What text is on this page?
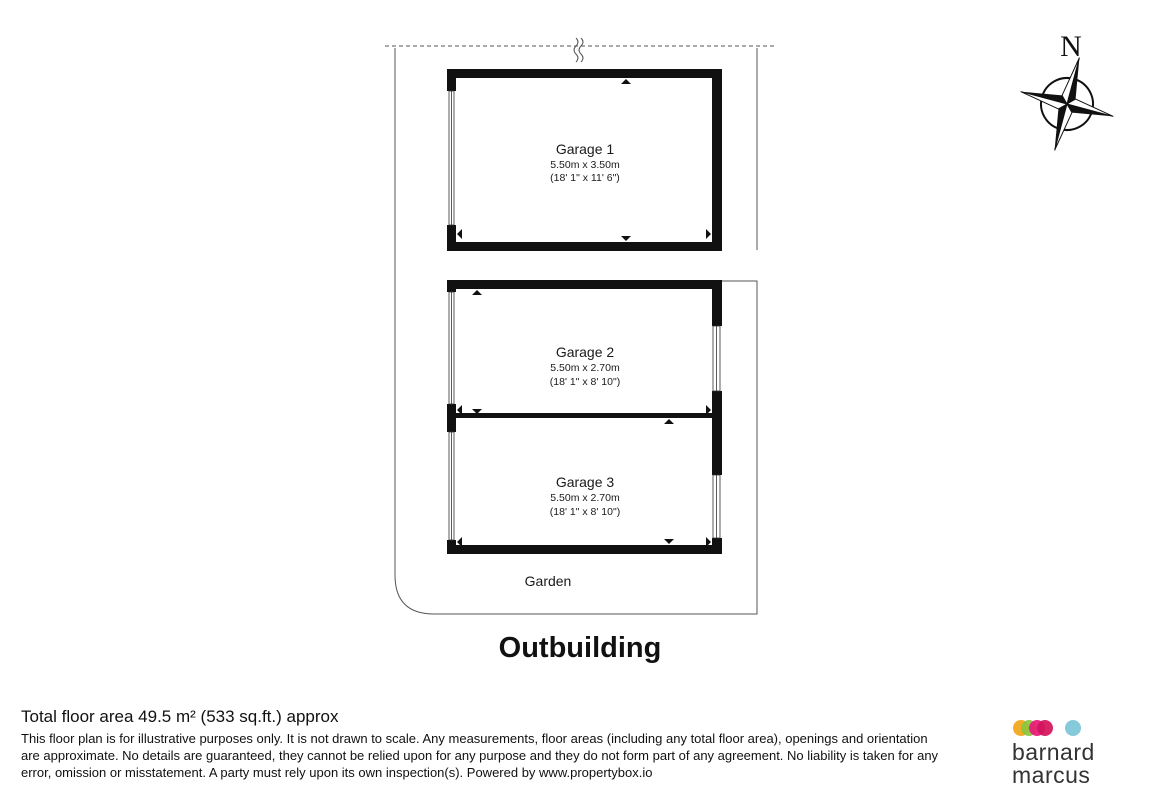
Garage 1
5.50m x 3.50m
(18' 1" x 11' 6")
Garage 2
5.50m x 2.70m
(18' 1" x 8' 10")
Garage 3
5.50m x 2.70m
(18' 1" x 8' 10")
Garden
N
Outbuilding
Total floor area 49.5 m² (533 sq.ft.) approx
This floor plan is for illustrative purposes only. It is not drawn to scale. Any measurements, floor areas (including any total floor area), openings and orientation are approximate. No details are guaranteed, they cannot be relied upon for any purpose and they do not form part of any agreement. No liability is taken for any error, omission or misstatement. A party must rely upon its own inspection(s). Powered by www.propertybox.io
barnard
marcus
